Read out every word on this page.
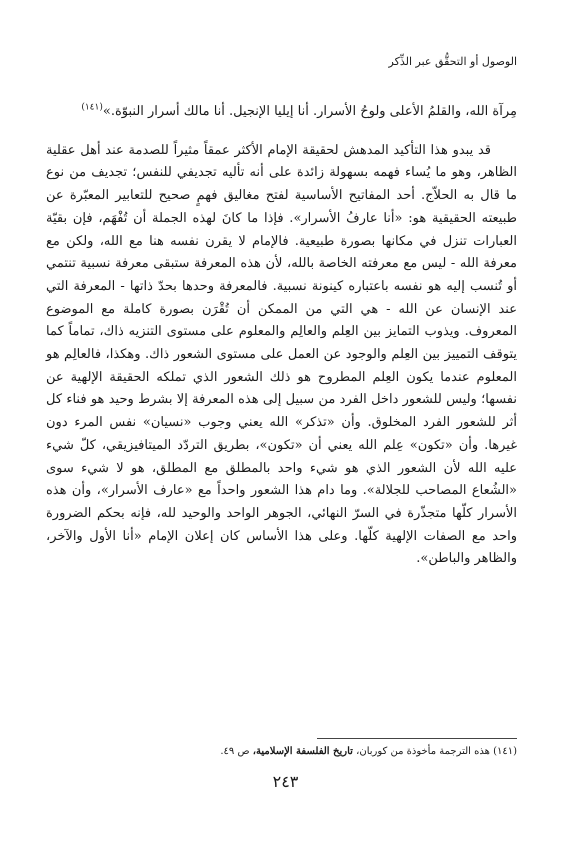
الوصول أو التحقُّق عبر الذِّكر

مِرآة الله، والقلمُ الأعلى ولوحُ الأسرار. أنا إيليا الإنجيل. أنا مالك أسرار النبوّة.»$^{(١٤١)}$

قد يبدو هذا التأكيد المدهش لحقيقة الإمام الأكثر عمقاً مثيراً للصدمة عند أهل عقلية الظاهر، وهو ما يُساء فهمه بسهولة زائدة على أنه تأليه تجديفي للنفس؛ تجديف من نوع ما قال به الحلاّج. أحد المفاتيح الأساسية لفتح مغاليق فهمٍ صحيح للتعابير المعبّرة عن طبيعته الحقيقية هو: «أنا عارفُ الأسرار». فإذا ما كانَ لهذه الجملة أن تُفْهَم، فإن بقيّة العبارات تنزل في مكانها بصورة طبيعية. فالإمام لا يقرن نفسه هنا مع الله، ولكن مع معرفة الله - ليس مع معرفته الخاصة بالله، لأن هذه المعرفة ستبقى معرفة نسبية تنتمي أو تُنسب إليه هو نفسه باعتباره كينونة نسبية. فالمعرفة وحدها بحدّ ذاتها - المعرفة التي عند الإنسان عن الله - هي التي من الممكن أن تُقْرَن بصورة كاملة مع الموضوع المعروف. ويذوب التمايز بين العِلم والعالِم والمعلوم على مستوى التنزيه ذاك، تماماً كما يتوقف التمييز بين العِلم والوجود عن العمل على مستوى الشعور ذاك. وهكذا، فالعالِم هو المعلوم عندما يكون العِلم المطروح هو ذلك الشعور الذي تملكه الحقيقة الإلهية عن نفسها؛ وليس للشعور داخل الفرد من سبيل إلى هذه المعرفة إلا بشرط وحيد هو فناء كل أثر للشعور الفرد المخلوق. وأن «تذكر» الله يعني وجوب «نسيان» نفس المرء دون غيرها. وأن «تكون» عِلم الله يعني أن «تكون»، بطريق التردّد الميتافيزيقي، كلّ شيء عليه الله لأن الشعور الذي هو شيء واحد بالمطلق مع المطلق، هو لا شيء سوى «الشُعاع المصاحب للجلالة». وما دام هذا الشعور واحداً مع «عارف الأسرار»، وأن هذه الأسرار كلّها متجذّرة في السرّ النهائي، الجوهر الواحد والوحيد لله، فإنه بحكم الضرورة واحد مع الصفات الإلهية كلّها. وعلى هذا الأساس كان إعلان الإمام «أنا الأول والآخر، والظاهر والباطن».

(١٤١) هذه الترجمة مأخوذة من كوربان، تاريخ الفلسفة الإسلامية، ص ٤٩.
٢٤٣
